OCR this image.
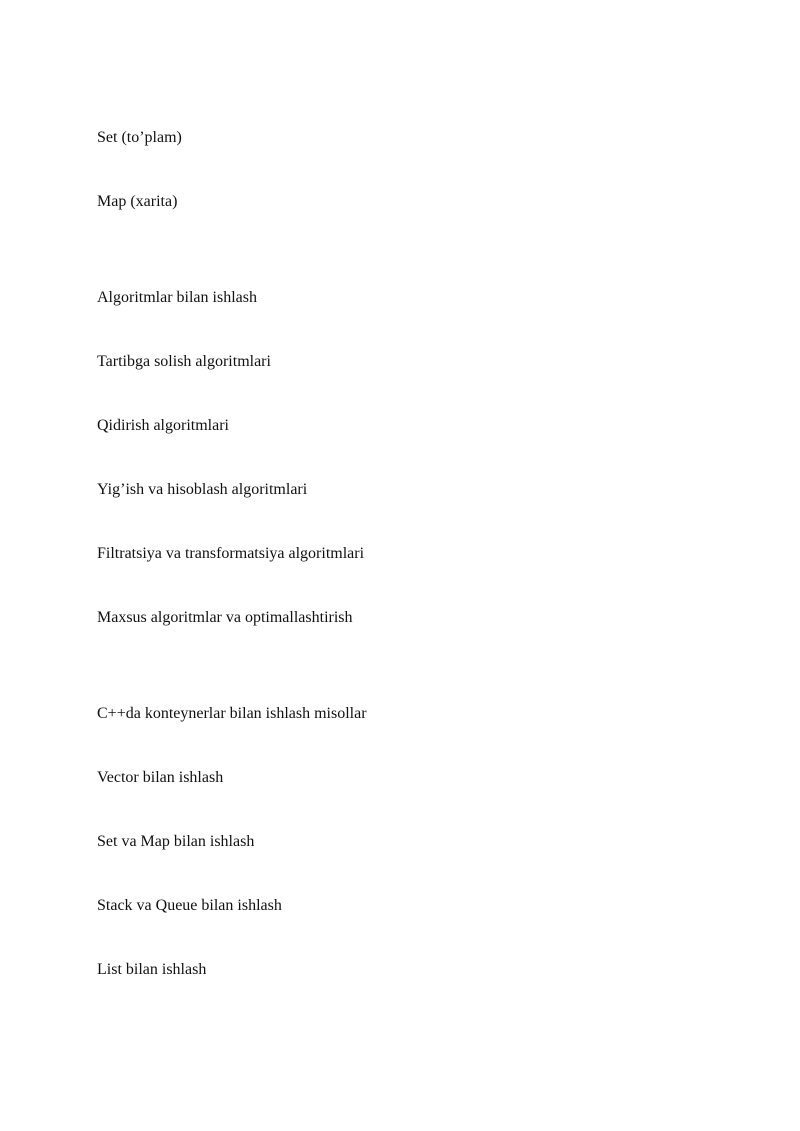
Set (to’plam)
Map (xarita)
Algoritmlar bilan ishlash
Tartibga solish algoritmlari
Qidirish algoritmlari
Yig’ish va hisoblash algoritmlari
Filtratsiya va transformatsiya algoritmlari
Maxsus algoritmlar va optimallashtirish
C++da konteynerlar bilan ishlash misollar
Vector bilan ishlash
Set va Map bilan ishlash
Stack va Queue bilan ishlash
List bilan ishlash
